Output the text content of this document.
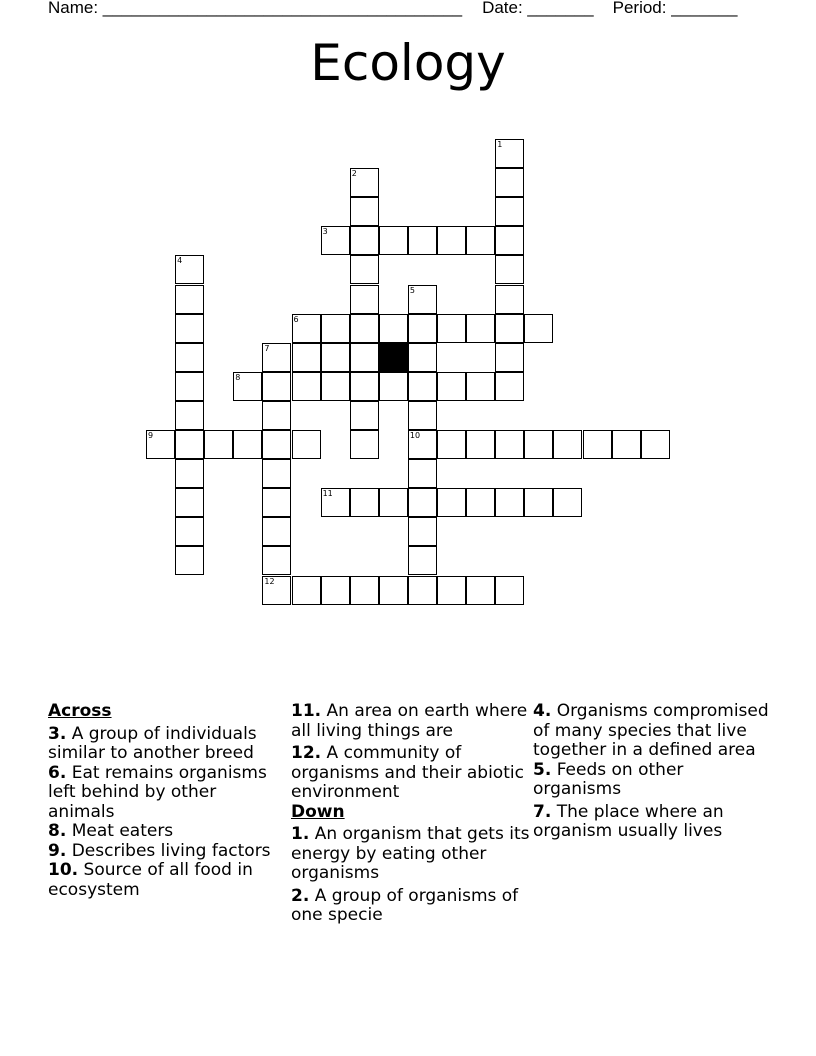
Name: ______________________________________ Date: _______ Period: _______
Ecology
3
6
7
8
9	10
11
12
1
2
4
5
Across
3. A group of individuals similar to another breed
6. Eat remains organisms left behind by other animals
8. Meat eaters
9. Describes living factors
10. Source of all food in ecosystem
11. An area on earth where all living things are
12. A community of organisms and their abiotic environment
Down
1. An organism that gets its energy by eating other organisms
2. A group of organisms of one specie
4. Organisms compromised of many species that live together in a defined area
5. Feeds on other organisms
7. The place where an organism usually lives
